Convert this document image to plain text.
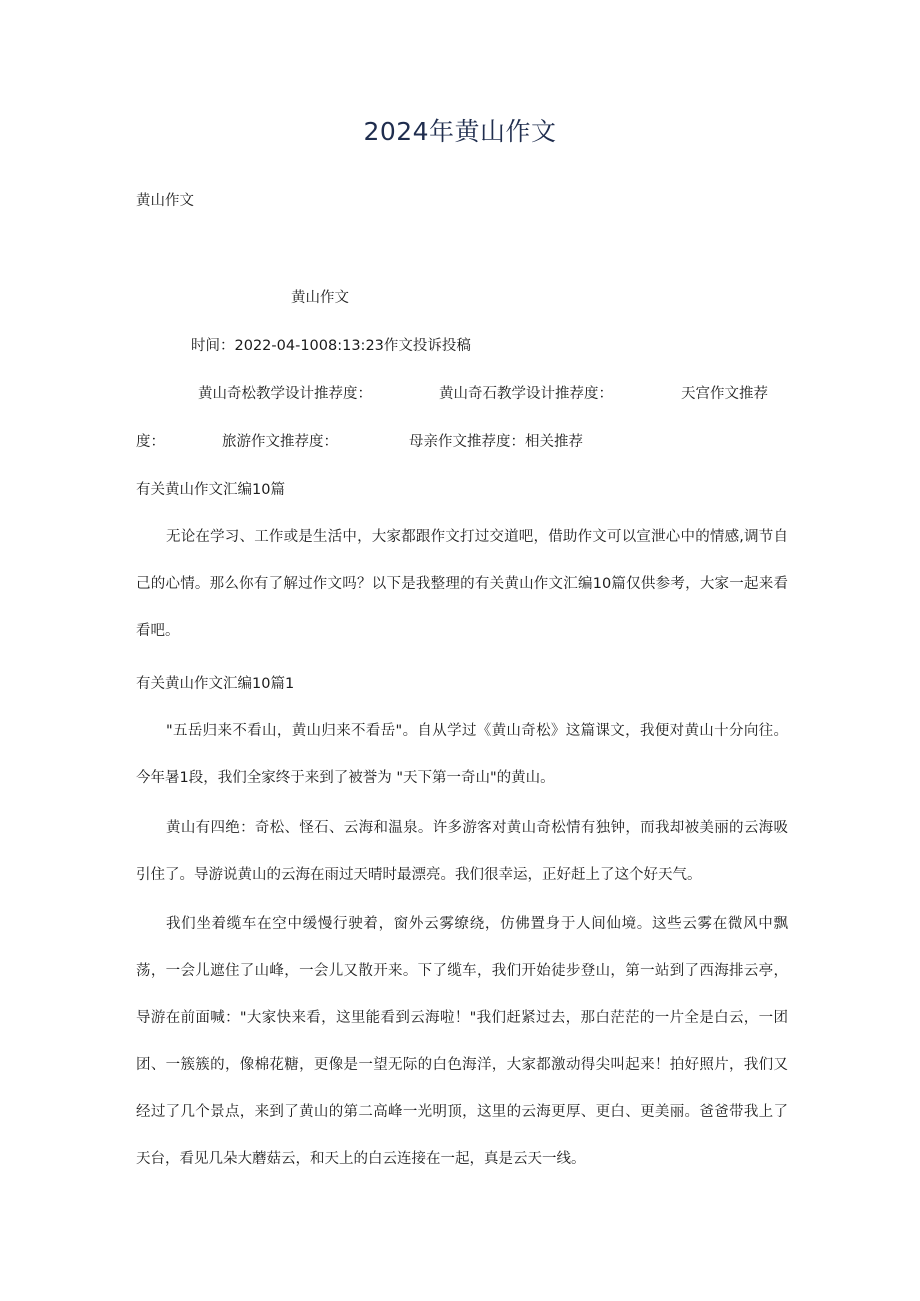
2024年黄山作文
黄山作文
黄山作文
时间：2022-04-1008:13:23作文投诉投稿
黄山奇松教学设计推荐度：	黄山奇石教学设计推荐度：	天宫作文推荐
度：	旅游作文推荐度：	母亲作文推荐度：相关推荐
有关黄山作文汇编10篇
无论在学习、工作或是生活中，大家都跟作文打过交道吧，借助作文可以宣泄心中的情感,调节自己的心情。那么你有了解过作文吗？以下是我整理的有关黄山作文汇编10篇仅供参考，大家一起来看看吧。
有关黄山作文汇编10篇1
"五岳归来不看山，黄山归来不看岳"。自从学过《黄山奇松》这篇课文，我便对黄山十分向往。今年暑1段，我们全家终于来到了被誉为 "天下第一奇山"的黄山。
黄山有四绝：奇松、怪石、云海和温泉。许多游客对黄山奇松情有独钟，而我却被美丽的云海吸引住了。导游说黄山的云海在雨过天晴时最漂亮。我们很幸运，正好赶上了这个好天气。
我们坐着缆车在空中缓慢行驶着，窗外云雾缭绕，仿佛置身于人间仙境。这些云雾在微风中飘荡，一会儿遮住了山峰，一会儿又散开来。下了缆车，我们开始徒步登山，第一站到了西海排云亭，导游在前面喊："大家快来看，这里能看到云海啦！"我们赶紧过去，那白茫茫的一片全是白云，一团团、一簇簇的，像棉花糖，更像是一望无际的白色海洋，大家都激动得尖叫起来！拍好照片，我们又经过了几个景点，来到了黄山的第二高峰一光明顶，这里的云海更厚、更白、更美丽。爸爸带我上了天台，看见几朵大蘑菇云，和天上的白云连接在一起，真是云天一线。
